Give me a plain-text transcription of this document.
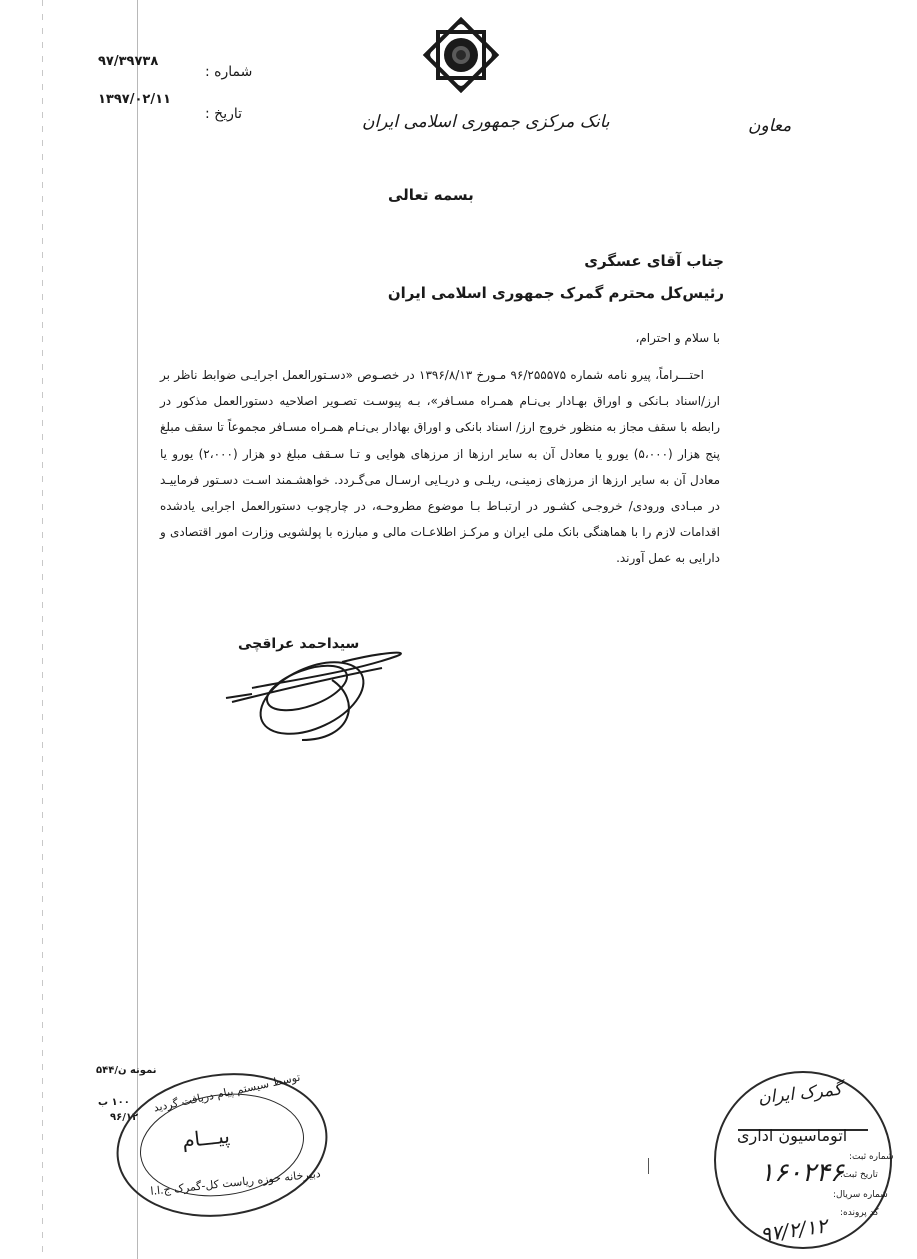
۹۷/۳۹۷۳۸
شماره :
۱۳۹۷/۰۲/۱۱
تاریخ :	بانک مرکزی جمهوری اسلامی ایران	معاون
بسمه تعالی
جناب آقای عسگری
رئیس‌کل محترم گمرک جمهوری اسلامی ایران
با سلام و احترام،

احتـــراماً، پیرو نامه شماره ۹۶/۲۵۵۵۷۵ مـورخ ۱۳۹۶/۸/۱۳ در خصـوص «دسـتورالعمل اجرایـی ضوابط ناظر بر ارز/اسناد بـانکی و اوراق بهـادار بی‌نـام همـراه مسـافر»، بـه پیوسـت تصـویر اصلاحیه دستورالعمل مذکور در رابطه با سقف مجاز به منظور خروج ارز/ اسناد بانکی و اوراق بهادار بی‌نـام همـراه مسـافر مجموعاً تا سقف مبلغ پنج هزار (۵،۰۰۰) یورو یا معادل آن به سایر ارزها از مرزهای هوایی و تـا سـقف مبلغ دو هزار (۲،۰۰۰) یورو یا معادل آن به سایر ارزها از مرزهای زمینـی، ریلـی و دریـایی ارسـال می‌گـردد. خواهشـمند اسـت دسـتور فرماییـد در مبـادی ورودی/ خروجـی کشـور در ارتبـاط بـا موضوع مطروحـه، در چارچوب دستورالعمل اجرایی یادشده اقدامات لازم را با هماهنگی بانک ملی ایران و مرکـز اطلاعـات مالی و مبارزه با پولشویی وزارت امور اقتصادی و دارایی به عمل آورند.

سیداحمد عراقچی
نمونه ن/۵۴۴
۱۰۰ ب
۹۶/۱۲
توسط سیستم پیام دریافت گردید
پیـــام
دبیرخانه حوزه ریاست کل-گمرک ج.ا.ا
گمرک ایران
اتوماسیون اداری
شماره ثبت:
۱۶۰۲۴۶
تاریخ ثبت:
شماره سریال:
کد پرونده:
۹۷/۲/۱۲
